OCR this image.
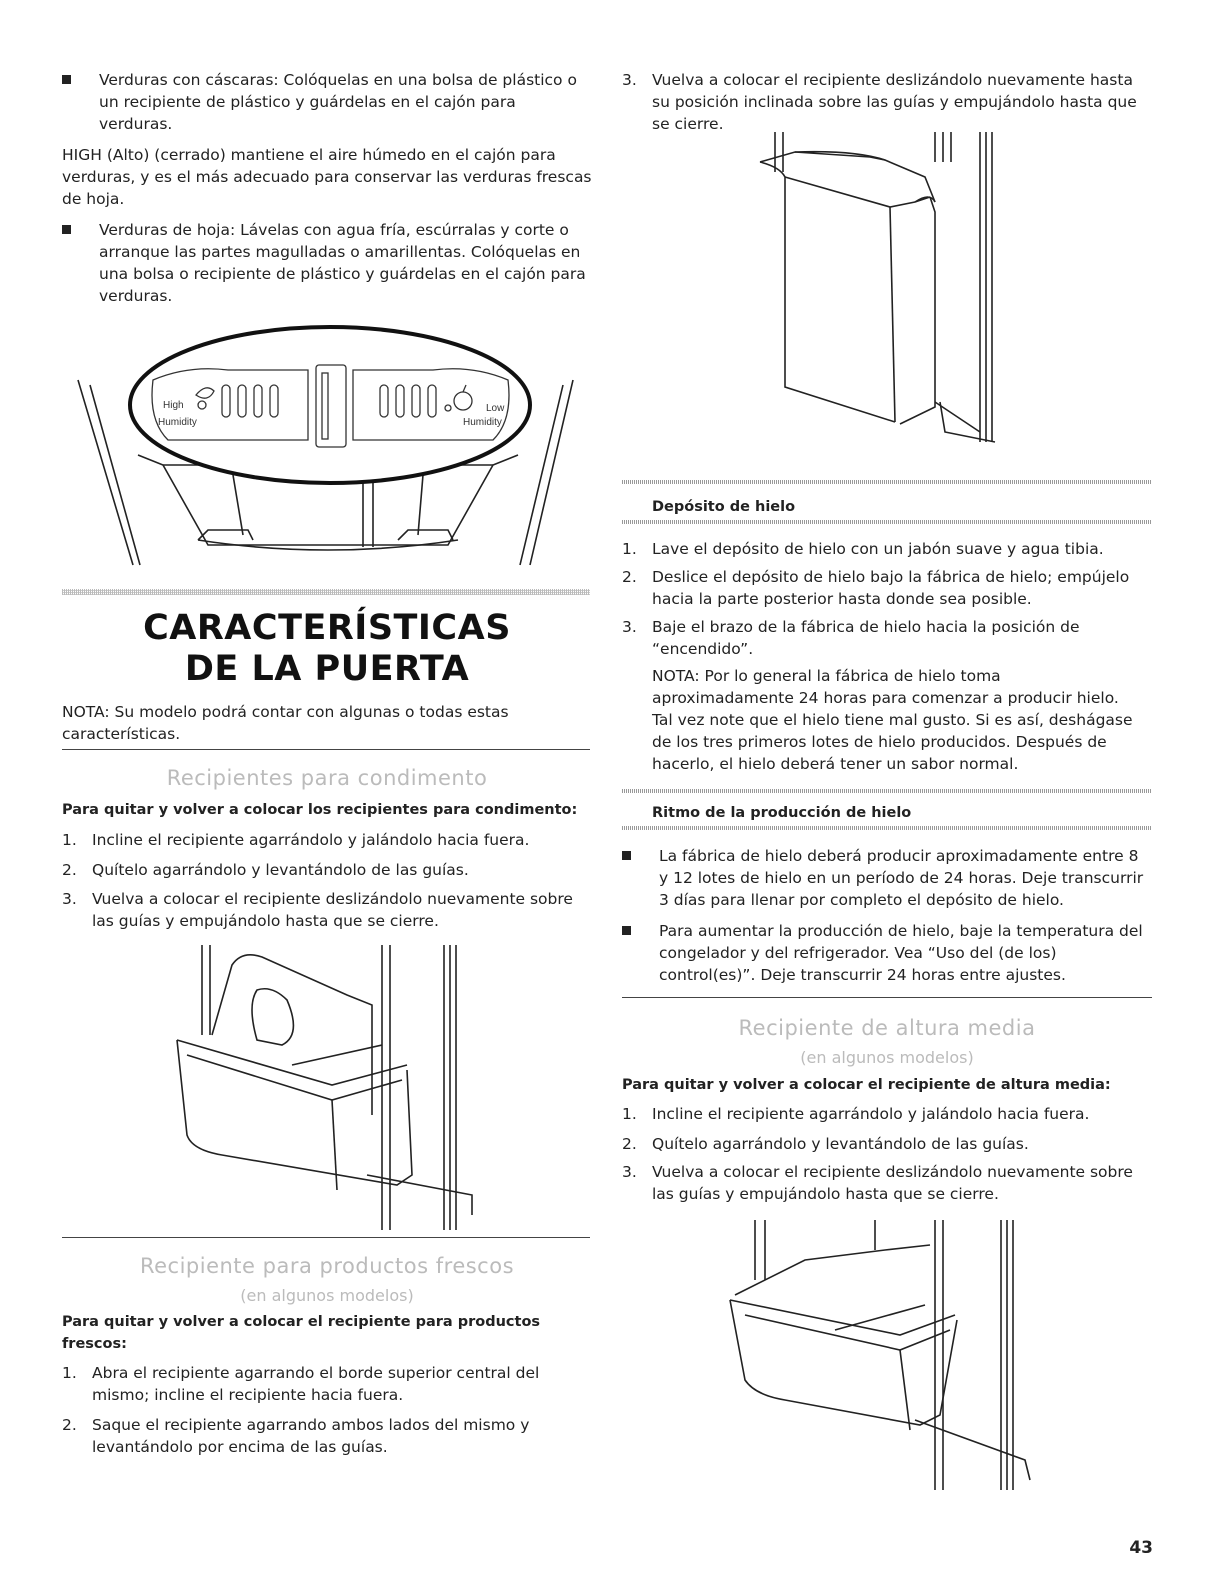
Verduras con cáscaras: Colóquelas en una bolsa de plástico o un recipiente de plástico y guárdelas en el cajón para verduras.

HIGH (Alto) (cerrado) mantiene el aire húmedo en el cajón para verduras, y es el más adecuado para conservar las verduras frescas de hoja.

Verduras de hoja: Lávelas con agua fría, escúrralas y corte o arranque las partes magulladas o amarillentas. Colóquelas en una bolsa o recipiente de plástico y guárdelas en el cajón para verduras.
High
Humidity
Low
Humidity
CARACTERÍSTICAS
DE LA PUERTA

NOTA: Su modelo podrá contar con algunas o todas estas características.

Recipientes para condimento
Para quitar y volver a colocar los recipientes para condimento:
1. Incline el recipiente agarrándolo y jalándolo hacia fuera.
2. Quítelo agarrándolo y levantándolo de las guías.
3. Vuelva a colocar el recipiente deslizándolo nuevamente sobre las guías y empujándolo hasta que se cierre.
Recipiente para productos frescos
(en algunos modelos)
Para quitar y volver a colocar el recipiente para productos frescos:
1. Abra el recipiente agarrando el borde superior central del mismo; incline el recipiente hacia fuera.
2. Saque el recipiente agarrando ambos lados del mismo y levantándolo por encima de las guías.
3. Vuelva a colocar el recipiente deslizándolo nuevamente hasta su posición inclinada sobre las guías y empujándolo hasta que se cierre.
Depósito de hielo
1. Lave el depósito de hielo con un jabón suave y agua tibia.
2. Deslice el depósito de hielo bajo la fábrica de hielo; empújelo hacia la parte posterior hasta donde sea posible.
3. Baje el brazo de la fábrica de hielo hacia la posición de “encendido”.

NOTA: Por lo general la fábrica de hielo toma aproximadamente 24 horas para comenzar a producir hielo. Tal vez note que el hielo tiene mal gusto. Si es así, deshágase de los tres primeros lotes de hielo producidos. Después de hacerlo, el hielo deberá tener un sabor normal.

Ritmo de la producción de hielo
La fábrica de hielo deberá producir aproximadamente entre 8 y 12 lotes de hielo en un período de 24 horas. Deje transcurrir 3 días para llenar por completo el depósito de hielo.
Para aumentar la producción de hielo, baje la temperatura del congelador y del refrigerador. Vea “Uso del (de los) control(es)”. Deje transcurrir 24 horas entre ajustes.
Recipiente de altura media
(en algunos modelos)
Para quitar y volver a colocar el recipiente de altura media:
1. Incline el recipiente agarrándolo y jalándolo hacia fuera.
2. Quítelo agarrándolo y levantándolo de las guías.
3. Vuelva a colocar el recipiente deslizándolo nuevamente sobre las guías y empujándolo hasta que se cierre.
43
